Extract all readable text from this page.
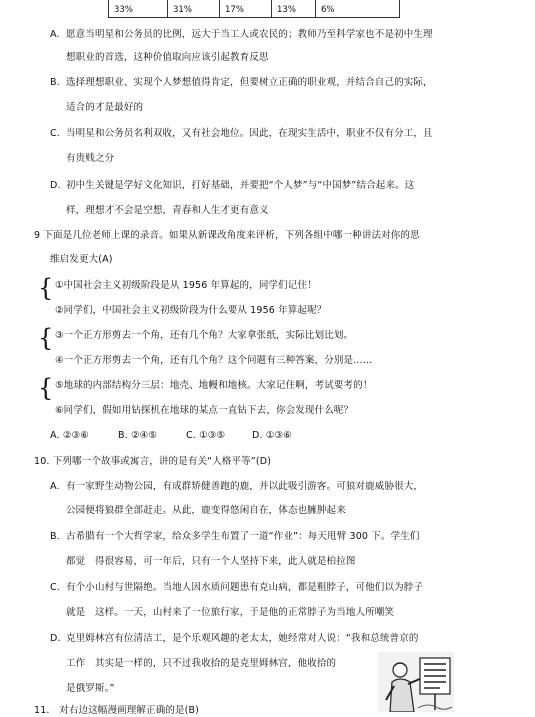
33%	31%	17%	13%	6%
A. 愿意当明星和公务员的比例，远大于当工人或农民的；教师乃至科学家也不是初中生理
想职业的首选，这种价值取向应该引起教育反思
B. 选择理想职业、实现个人梦想值得肯定，但要树立正确的职业观，并结合自己的实际，
适合的才是最好的
C. 当明星和公务员名利双收，又有社会地位。因此，在现实生活中，职业不仅有分工，且
有贵贱之分
D. 初中生关键是学好文化知识，打好基础，并要把“个人梦”与“中国梦”结合起来。这
样，理想才不会是空想，青春和人生才更有意义
9 下面是几位老师上课的录音。如果从新课改角度来评析，下列各组中哪一种讲法对你的思
维启发更大(A)
{ ①中国社会主义初级阶段是从 1956 年算起的，同学们记住！
②同学们，中国社会主义初级阶段为什么要从 1956 年算起呢？
{ ③一个正方形剪去一个角，还有几个角？大家拿张纸，实际比划比划。
④一个正方形剪去一个角，还有几个角？这个问题有三种答案，分别是……
{ ⑤地球的内部结构分三层：地壳、地幔和地核。大家记住啊，考试要考的！
⑥同学们，假如用钻探机在地球的某点一直钻下去，你会发现什么呢？
A. ②③⑥	B. ②④⑤	C. ①③⑤	D. ①③⑥
10. 下列哪一个故事或寓言，讲的是有关“人格平等”(D)
A. 有一家野生动物公园，有成群矫健善跑的鹿，并以此吸引游客。可狼对鹿威胁很大，
公园便将狼群全部赶走。从此，鹿变得悠闲自在，体态也臃肿起来
B. 古希腊有一个大哲学家，给众多学生布置了一道“作业”：每天甩臂 300 下。学生们
都觉　得很容易，可一年后，只有一个人坚持下来，此人就是柏拉图
C. 有个小山村与世隔绝。当地人因水质问题患有克山病，都是粗脖子，可他们以为脖子
就是　这样。一天，山村来了一位旅行家，于是他的正常脖子为当地人所嘲笑
D. 克里姆林宫有位清洁工，是个乐观风趣的老太太，她经常对人说：“我和总统普京的
工作　其实是一样的，只不过我收拾的是克里姆林宫，他收拾的
是俄罗斯。”
11.　对右边这幅漫画理解正确的是(B)
